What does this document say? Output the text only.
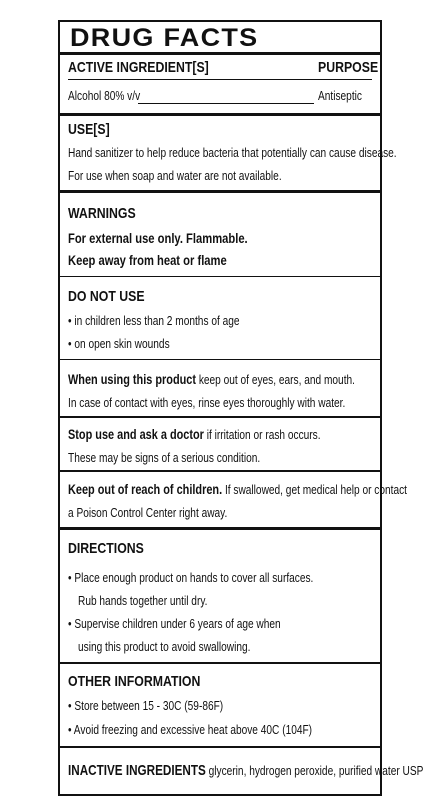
DRUG FACTS
ACTIVE INGREDIENT[S]	PURPOSE
Alcohol 80% v/v	Antiseptic
USE[S]
Hand sanitizer to help reduce bacteria that potentially can cause disease.
For use when soap and water are not available.
WARNINGS
For external use only. Flammable.
Keep away from heat or flame
DO NOT USE
• in children less than 2 months of age
• on open skin wounds
When using this product keep out of eyes, ears, and mouth.
In case of contact with eyes, rinse eyes thoroughly with water.
Stop use and ask a doctor if irritation or rash occurs.
These may be signs of a serious condition.
Keep out of reach of children. If swallowed, get medical help or contact
a Poison Control Center right away.
DIRECTIONS
• Place enough product on hands to cover all surfaces.
Rub hands together until dry.
• Supervise children under 6 years of age when
using this product to avoid swallowing.
OTHER INFORMATION
• Store between 15 - 30C (59-86F)
• Avoid freezing and excessive heat above 40C (104F)
INACTIVE INGREDIENTS glycerin, hydrogen peroxide, purified water USP
